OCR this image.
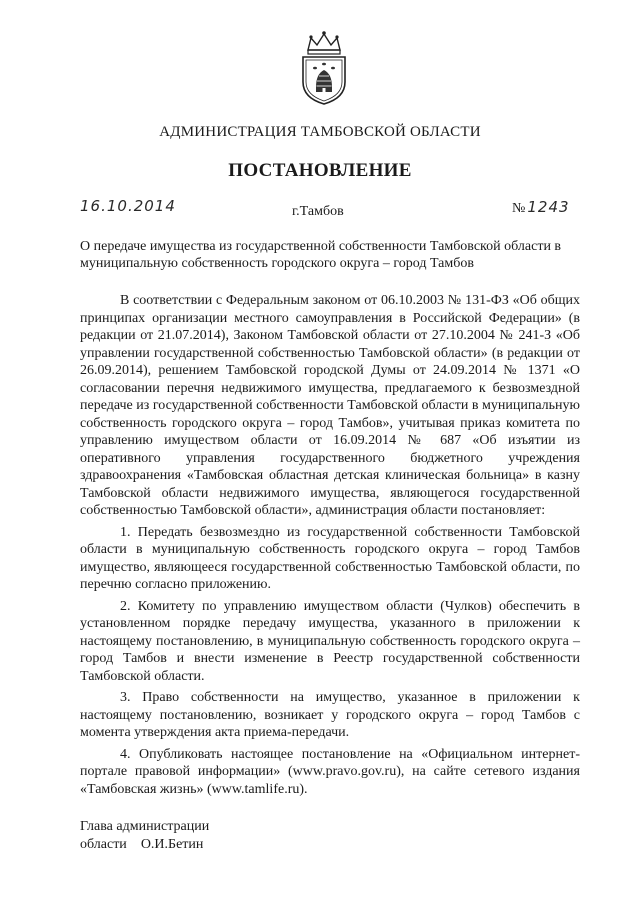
АДМИНИСТРАЦИЯ ТАМБОВСКОЙ ОБЛАСТИ
ПОСТАНОВЛЕНИЕ
16.10.2014	г.Тамбов	№ 1243
О передаче имущества из государственной собственности Тамбовской области в муниципальную собственность городского округа – город Тамбов

В соответствии с Федеральным законом от 06.10.2003 № 131-ФЗ «Об общих принципах организации местного самоуправления в Российской Федерации» (в редакции от 21.07.2014), Законом Тамбовской области от 27.10.2004 № 241-З «Об управлении государственной собственностью Тамбовской области» (в редакции от 26.09.2014), решением Тамбовской городской Думы от 24.09.2014 № 1371 «О согласовании перечня недвижимого имущества, предлагаемого к безвозмездной передаче из государственной собственности Тамбовской области в муниципальную собственность городского округа – город Тамбов», учитывая приказ комитета по управлению имуществом области от 16.09.2014 № 687 «Об изъятии из оперативного управления государственного бюджетного учреждения здравоохранения «Тамбовская областная детская клиническая больница» в казну Тамбовской области недвижимого имущества, являющегося государственной собственностью Тамбовской области», администрация области постановляет:

1. Передать безвозмездно из государственной собственности Тамбовской области в муниципальную собственность городского округа – город Тамбов имущество, являющееся государственной собственностью Тамбовской области, по перечню согласно приложению.

2. Комитету по управлению имуществом области (Чулков) обеспечить в установленном порядке передачу имущества, указанного в приложении к настоящему постановлению, в муниципальную собственность городского округа – город Тамбов и внести изменение в Реестр государственной собственности Тамбовской области.

3. Право собственности на имущество, указанное в приложении к настоящему постановлению, возникает у городского округа – город Тамбов с момента утверждения акта приема-передачи.

4. Опубликовать настоящее постановление на «Официальном интернет-портале правовой информации» (www.pravo.gov.ru), на сайте сетевого издания «Тамбовская жизнь» (www.tamlife.ru).

Глава администрации
области О.И.Бетин
